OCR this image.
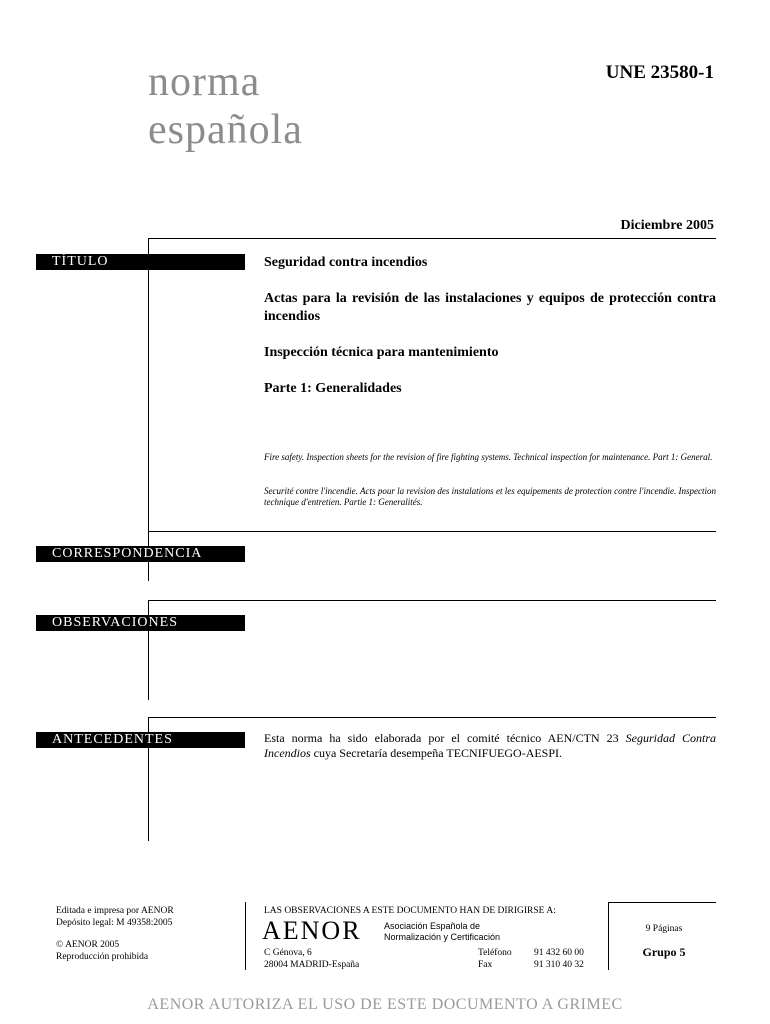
norma
española
UNE 23580-1
Diciembre 2005
TÍTULO	Seguridad contra incendios
Actas para la revisión de las instalaciones y equipos de protección contra incendios
Inspección técnica para mantenimiento
Parte 1: Generalidades
Fire safety. Inspection sheets for the revision of fire fighting systems. Technical inspection for maintenance. Part 1: General.
Securité contre l'incendie. Acts pour la revision des instalations et les equipements de protection contre l'incendie. Inspection technique d'entretien. Partie 1: Generalités.
CORRESPONDENCIA
OBSERVACIONES
ANTECEDENTES	Esta norma ha sido elaborada por el comité técnico AEN/CTN 23 Seguridad Contra Incendios cuya Secretaría desempeña TECNIFUEGO-AESPI.
Editada e impresa por AENOR
Depósito legal: M 49358:2005
© AENOR 2005
Reproducción prohibida
LAS OBSERVACIONES A ESTE DOCUMENTO HAN DE DIRIGIRSE A:
AENOR Asociación Española de
Normalización y Certificación
C Génova, 6
28004 MADRID-España
Teléfono
Fax
91 432 60 00
91 310 40 32
9 Páginas
Grupo 5
AENOR AUTORIZA EL USO DE ESTE DOCUMENTO A GRIMEC
